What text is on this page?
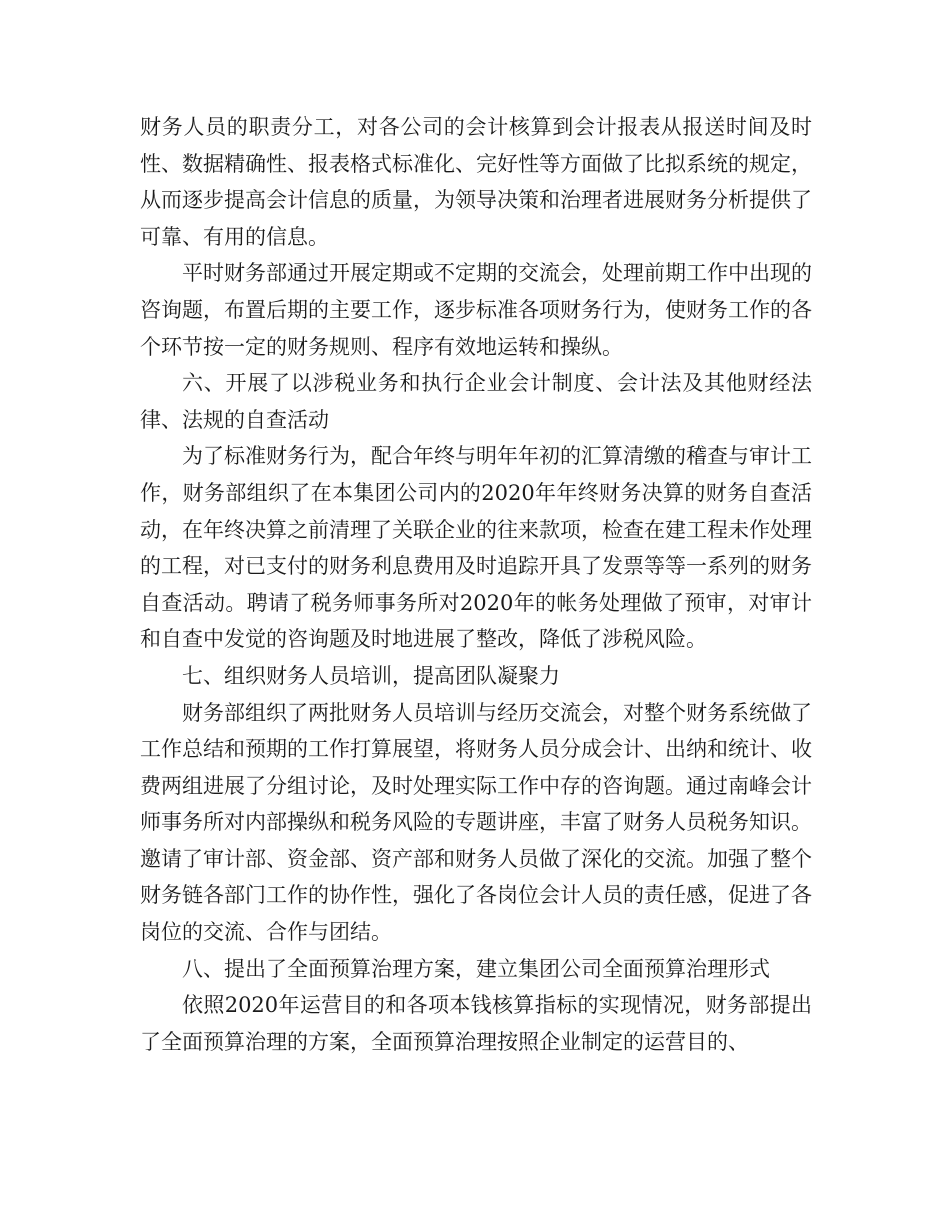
财务人员的职责分工，对各公司的会计核算到会计报表从报送时间及时性、数据精确性、报表格式标准化、完好性等方面做了比拟系统的规定，从而逐步提高会计信息的质量，为领导决策和治理者进展财务分析提供了可靠、有用的信息。

平时财务部通过开展定期或不定期的交流会，处理前期工作中出现的咨询题，布置后期的主要工作，逐步标准各项财务行为，使财务工作的各个环节按一定的财务规则、程序有效地运转和操纵。

六、开展了以涉税业务和执行企业会计制度、会计法及其他财经法律、法规的自查活动

为了标准财务行为，配合年终与明年年初的汇算清缴的稽查与审计工作，财务部组织了在本集团公司内的2020年年终财务决算的财务自查活动，在年终决算之前清理了关联企业的往来款项，检查在建工程未作处理的工程，对已支付的财务利息费用及时追踪开具了发票等等一系列的财务自查活动。聘请了税务师事务所对2020年的帐务处理做了预审，对审计和自查中发觉的咨询题及时地进展了整改，降低了涉税风险。

七、组织财务人员培训，提高团队凝聚力

财务部组织了两批财务人员培训与经历交流会，对整个财务系统做了工作总结和预期的工作打算展望，将财务人员分成会计、出纳和统计、收费两组进展了分组讨论，及时处理实际工作中存的咨询题。通过南峰会计师事务所对内部操纵和税务风险的专题讲座，丰富了财务人员税务知识。邀请了审计部、资金部、资产部和财务人员做了深化的交流。加强了整个财务链各部门工作的协作性，强化了各岗位会计人员的责任感，促进了各岗位的交流、合作与团结。

八、提出了全面预算治理方案，建立集团公司全面预算治理形式

依照2020年运营目的和各项本钱核算指标的实现情况，财务部提出了全面预算治理的方案，全面预算治理按照企业制定的运营目的、
